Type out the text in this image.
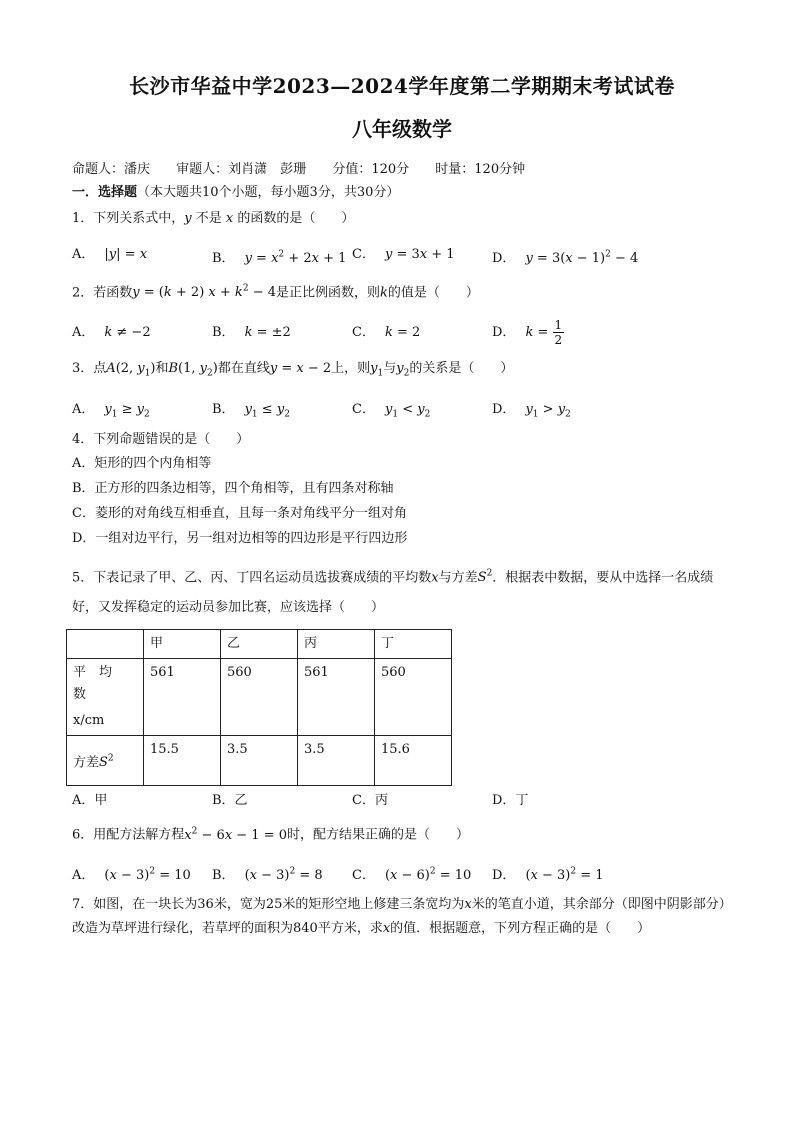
长沙市华益中学2023—2024学年度第二学期期末考试试卷
八年级数学
命题人：潘庆 审题人：刘肖潇　彭珊 分值：120分 时量：120分钟
一．选择题（本大题共10个小题，每小题3分，共30分）
1．下列关系式中，y 不是 x 的函数的是（　　）
A． |y| = x	B． $y = x^2 + 2x + 1$ C． y = 3x + 1	D． $y = 3(x - 1)^2 - 4$
2．若函数y = (k + 2) $x + k^2 - 4$是正比例函数，则k的值是（　　）
A． k ≠ −2	B． k = ±2	C． k = 2	D． $k = \frac{1}{2}$
3．点A(2, $y_1$)和B(1, $y_2$)都在直线y = x − 2上，则$y_1$与$y_2$的关系是（　　）
A． $y_1 \ge y_2$	B． $y_1 \le y_2$	C． $y_1 < y_2$	D． $y_1 > y_2$
4．下列命题错误的是（　　）
A．矩形的四个内角相等
B．正方形的四条边相等，四个角相等，且有四条对称轴
C．菱形的对角线互相垂直，且每一条对角线平分一组对角
D．一组对边平行，另一组对边相等的四边形是平行四边形
5．下表记录了甲、乙、丙、丁四名运动员选拔赛成绩的平均数x与方差$S^2$．根据表中数据，要从中选择一名成绩好，又发挥稳定的运动员参加比赛，应该选择（　　）
	甲	乙	丙	丁

平　均　数
x/cm	561	560	561	560
方差$S^2$	15.5	3.5	3.5	15.6
A．甲	B．乙	C．丙	D．丁
6．用配方法解方程$x^2 - 6x - 1 = 0$时，配方结果正确的是（　　）
A． $(x - 3)^2 = 10$	B． $(x - 3)^2 = 8$	C． $(x - 6)^2 = 10$	D． $(x - 3)^2 = 1$
7．如图，在一块长为36米，宽为25米的矩形空地上修建三条宽均为x米的笔直小道，其余部分（即图中阴影部分）改造为草坪进行绿化，若草坪的面积为840平方米，求x的值．根据题意，下列方程正确的是（　　）
